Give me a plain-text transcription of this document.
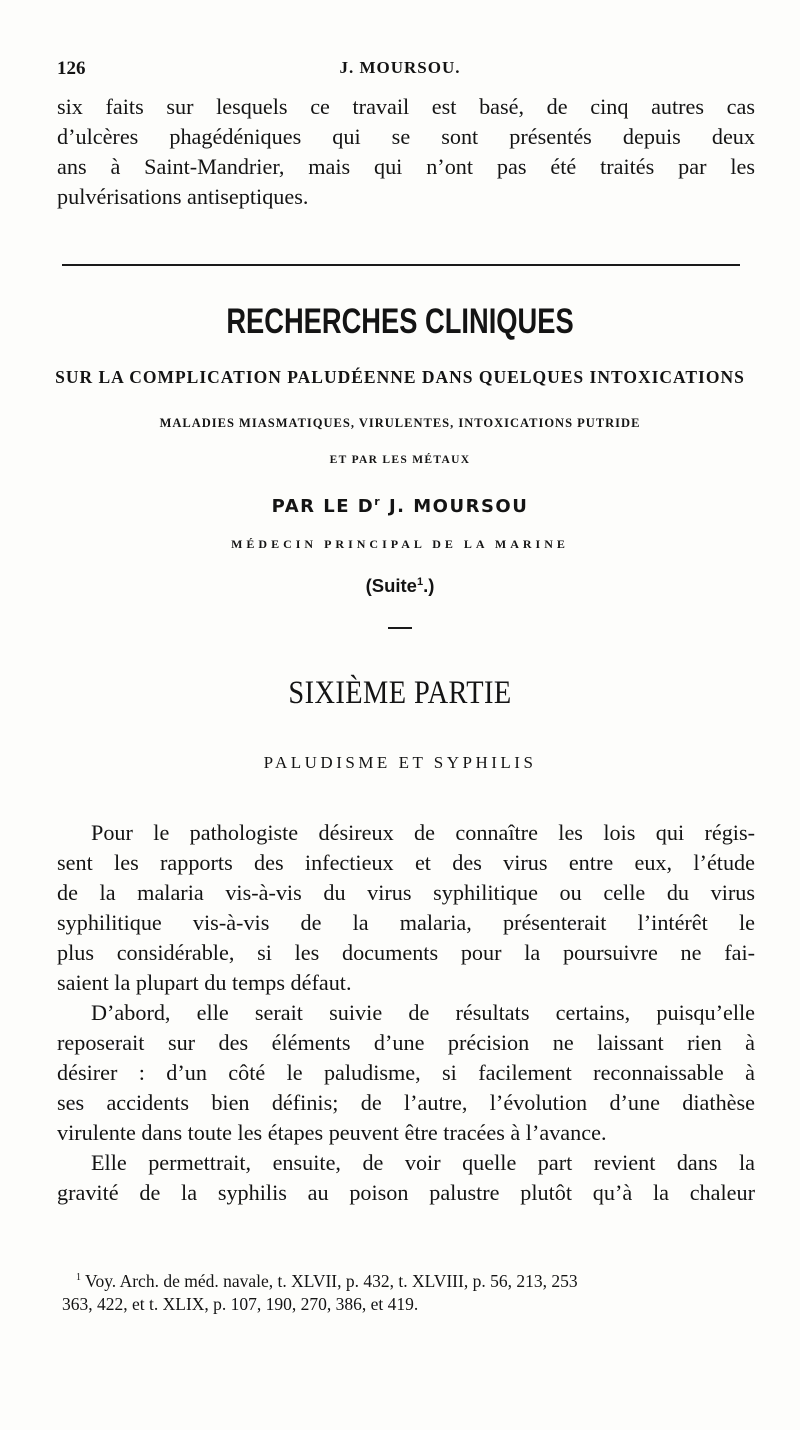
126	J. MOURSOU.
six faits sur lesquels ce travail est basé, de cinq autres cas
d’ulcères phagédéniques qui se sont présentés depuis deux
ans à Saint-Mandrier, mais qui n’ont pas été traités par les
pulvérisations antiseptiques.
RECHERCHES CLINIQUES
SUR LA COMPLICATION PALUDÉENNE DANS QUELQUES INTOXICATIONS
MALADIES MIASMATIQUES, VIRULENTES, INTOXICATIONS PUTRIDE
ET PAR LES MÉTAUX
PAR LE $D^r$ J. MOURSOU
MÉDECIN PRINCIPAL DE LA MARINE
(Suite$^1$.)
SIXIÈME PARTIE
PALUDISME ET SYPHILIS
Pour le pathologiste désireux de connaître les lois qui régis-
sent les rapports des infectieux et des virus entre eux, l’étude
de la malaria vis-à-vis du virus syphilitique ou celle du virus
syphilitique vis-à-vis de la malaria, présenterait l’intérêt le
plus considérable, si les documents pour la poursuivre ne fai-
saient la plupart du temps défaut.
D’abord, elle serait suivie de résultats certains, puisqu’elle
reposerait sur des éléments d’une précision ne laissant rien à
désirer : d’un côté le paludisme, si facilement reconnaissable à
ses accidents bien définis; de l’autre, l’évolution d’une diathèse
virulente dans toute les étapes peuvent être tracées à l’avance.
Elle permettrait, ensuite, de voir quelle part revient dans la
gravité de la syphilis au poison palustre plutôt qu’à la chaleur
$^1$ Voy. Arch. de méd. navale, t. XLVII, p. 432, t. XLVIII, p. 56, 213, 253
363, 422, et t. XLIX, p. 107, 190, 270, 386, et 419.
